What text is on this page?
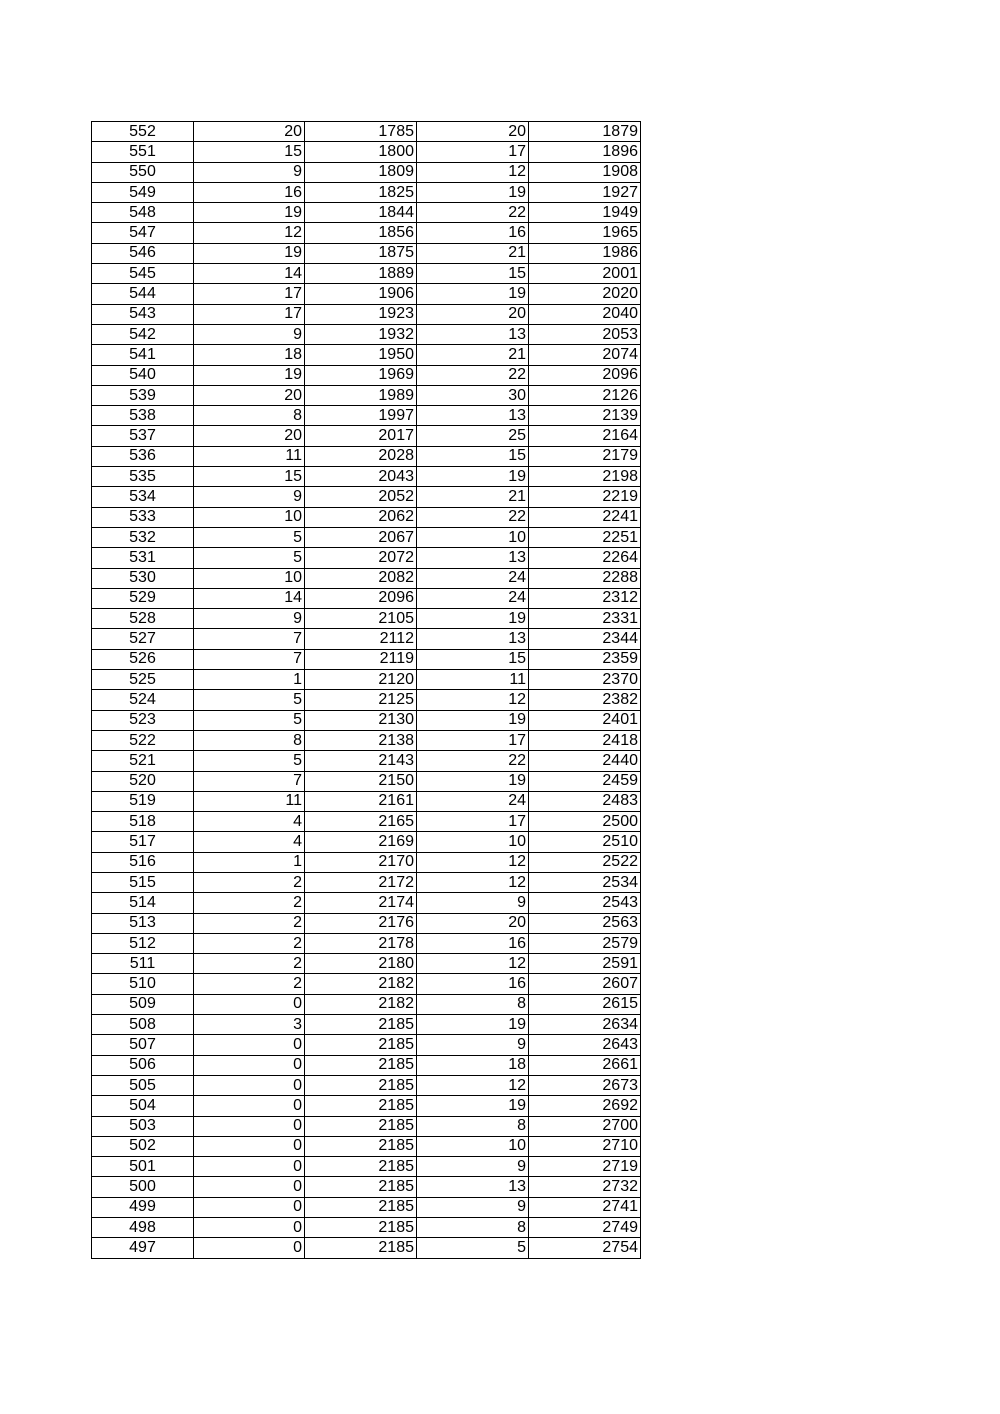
552	20	1785	20	1879
551	15	1800	17	1896
550	9	1809	12	1908
549	16	1825	19	1927
548	19	1844	22	1949
547	12	1856	16	1965
546	19	1875	21	1986
545	14	1889	15	2001
544	17	1906	19	2020
543	17	1923	20	2040
542	9	1932	13	2053
541	18	1950	21	2074
540	19	1969	22	2096
539	20	1989	30	2126
538	8	1997	13	2139
537	20	2017	25	2164
536	11	2028	15	2179
535	15	2043	19	2198
534	9	2052	21	2219
533	10	2062	22	2241
532	5	2067	10	2251
531	5	2072	13	2264
530	10	2082	24	2288
529	14	2096	24	2312
528	9	2105	19	2331
527	7	2112	13	2344
526	7	2119	15	2359
525	1	2120	11	2370
524	5	2125	12	2382
523	5	2130	19	2401
522	8	2138	17	2418
521	5	2143	22	2440
520	7	2150	19	2459
519	11	2161	24	2483
518	4	2165	17	2500
517	4	2169	10	2510
516	1	2170	12	2522
515	2	2172	12	2534
514	2	2174	9	2543
513	2	2176	20	2563
512	2	2178	16	2579
511	2	2180	12	2591
510	2	2182	16	2607
509	0	2182	8	2615
508	3	2185	19	2634
507	0	2185	9	2643
506	0	2185	18	2661
505	0	2185	12	2673
504	0	2185	19	2692
503	0	2185	8	2700
502	0	2185	10	2710
501	0	2185	9	2719
500	0	2185	13	2732
499	0	2185	9	2741
498	0	2185	8	2749
497	0	2185	5	2754
